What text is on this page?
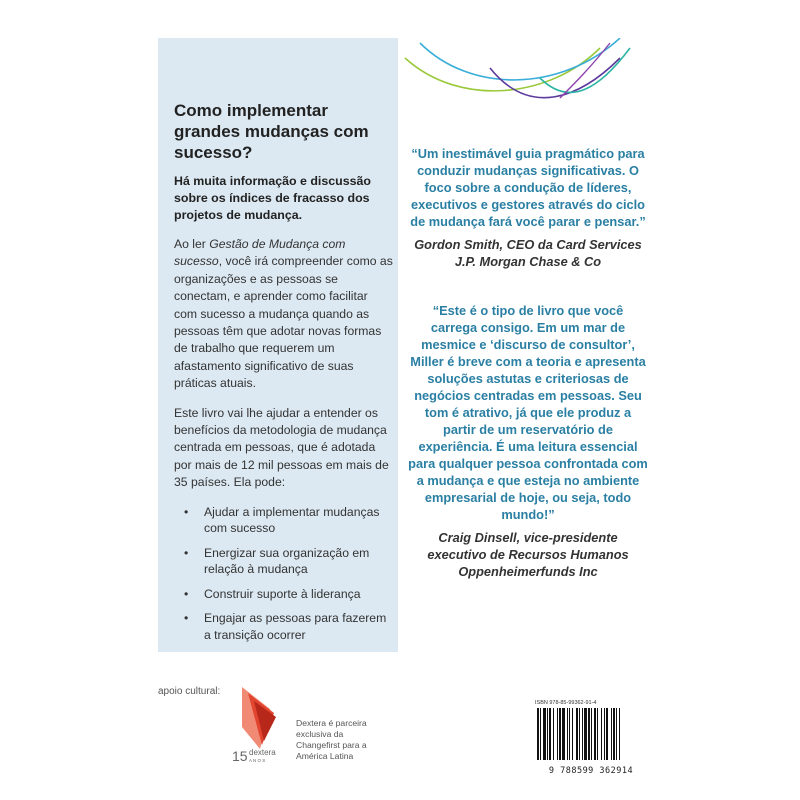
Como implementar grandes mudanças com sucesso?

Há muita informação e discussão sobre os índices de fracasso dos projetos de mudança.

Ao ler Gestão de Mudança com sucesso, você irá compreender como as organizações e as pessoas se conectam, e aprender como facilitar com sucesso a mudança quando as pessoas têm que adotar novas formas de trabalho que requerem um afastamento significativo de suas práticas atuais.

Este livro vai lhe ajudar a entender os benefícios da metodologia de mudança centrada em pessoas, que é adotada por mais de 12 mil pessoas em mais de 35 países. Ela pode:

• Ajudar a implementar mudanças com sucesso
• Energizar sua organização em relação à mudança
• Construir suporte à liderança
• Engajar as pessoas para fazerem a transição ocorrer

“Um inestimável guia pragmático para conduzir mudanças significativas. O foco sobre a condução de líderes, executivos e gestores através do ciclo de mudança fará você parar e pensar.”

Gordon Smith, CEO da Card Services J.P. Morgan Chase & Co

“Este é o tipo de livro que você carrega consigo. Em um mar de mesmice e ‘discurso de consultor’, Miller é breve com a teoria e apresenta soluções astutas e criteriosas de negócios centradas em pessoas. Seu tom é atrativo, já que ele produz a partir de um reservatório de experiência. É uma leitura essencial para qualquer pessoa confrontada com a mudança e que esteja no ambiente empresarial de hoje, ou seja, todo mundo!”

Craig Dinsell, vice-presidente executivo de Recursos Humanos Oppenheimerfunds Inc

apoio cultural:
15 dextera
A N O S
Dextera é parceira exclusiva da Changefirst para a América Latina
ISBN 978-85-99362-91-4
9 788599 362914
